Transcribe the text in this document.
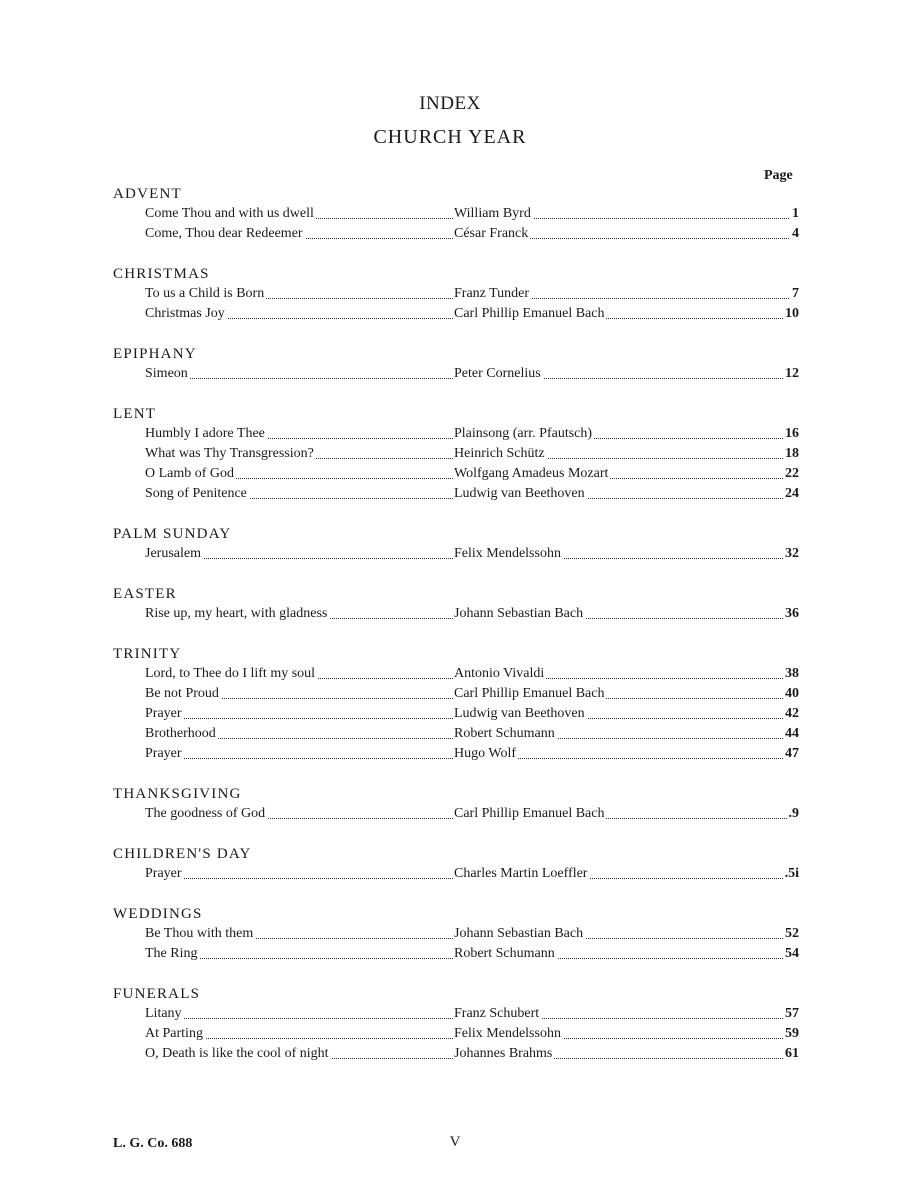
INDEX
CHURCH YEAR
Page
ADVENT
Come Thou and with us dwell	William Byrd	1
Come, Thou dear Redeemer	César Franck	4
CHRISTMAS
To us a Child is Born	Franz Tunder	7
Christmas Joy	Carl Phillip Emanuel Bach	10
EPIPHANY
Simeon	Peter Cornelius	12
LENT
Humbly I adore Thee	Plainsong (arr. Pfautsch)	16
What was Thy Transgression?	Heinrich Schütz	18
O Lamb of God	Wolfgang Amadeus Mozart	22
Song of Penitence	Ludwig van Beethoven	24
PALM SUNDAY
Jerusalem	Felix Mendelssohn	32
EASTER
Rise up, my heart, with gladness	Johann Sebastian Bach	36
TRINITY
Lord, to Thee do I lift my soul	Antonio Vivaldi	38
Be not Proud	Carl Phillip Emanuel Bach	40
Prayer	Ludwig van Beethoven	42
Brotherhood	Robert Schumann	44
Prayer	Hugo Wolf	47
THANKSGIVING
The goodness of God	Carl Phillip Emanuel Bach	.9
CHILDREN'S DAY
Prayer	Charles Martin Loeffler	.5i
WEDDINGS
Be Thou with them	Johann Sebastian Bach	52
The Ring	Robert Schumann	54
FUNERALS
Litany	Franz Schubert	57
At Parting	Felix Mendelssohn	59
O, Death is like the cool of night	Johannes Brahms	61
L. G. Co. 688	V
